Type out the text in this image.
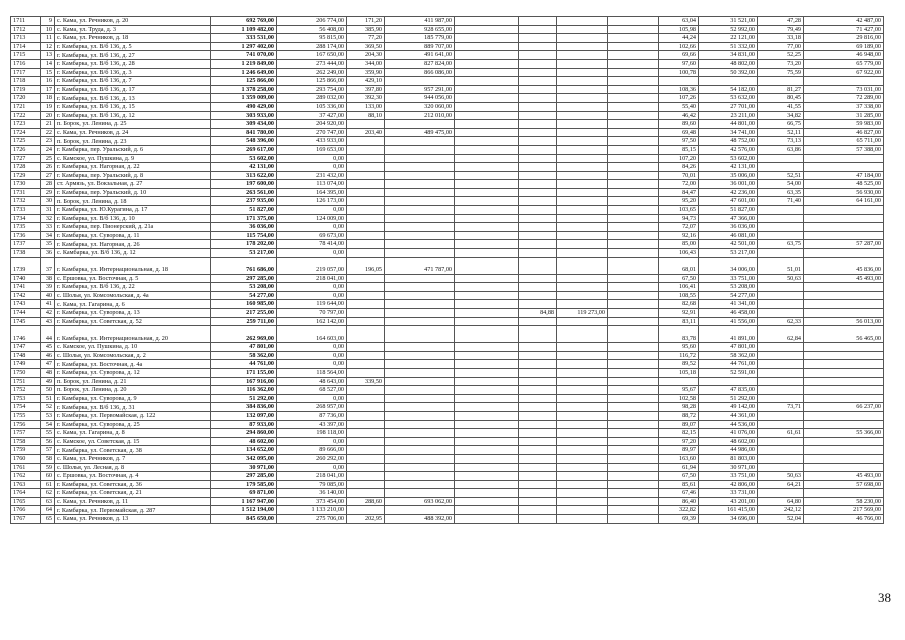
1711	9	с. Кама, ул. Речников, д. 20	692 769,00	206 774,00	171,20	411 987,00					63,04	31 521,00	47,28	42 487,00
1712	10	с. Кама, ул. Труда, д. 3	1 109 482,00	56 408,00	385,90	928 655,00					105,98	52 992,00	79,49	71 427,00
1713	11	с. Кама, ул. Речников, д. 18	333 531,00	95 815,00	77,20	185 779,00					44,24	22 121,00	33,18	29 816,00
1714	12	г. Камбарка, ул. В/б 136, д. 5	1 297 402,00	288 174,00	369,50	889 707,00					102,66	51 332,00	77,00	69 189,00
1715	13	г. Камбарка, ул. В/б 136, д. 27	741 070,00	167 650,00	204,30	491 641,00					69,66	34 831,00	52,25	46 948,00
1716	14	г. Камбарка, ул. В/б 136, д. 28	1 219 849,00	273 444,00	344,00	827 824,00					97,60	48 802,00	73,20	65 779,00
1717	15	г. Камбарка, ул. В/б 136, д. 3	1 246 649,00	262 249,00	359,90	866 086,00					100,78	50 392,00	75,59	67 922,00
1718	16	г. Камбарка, ул. В/б 136, д. 7	125 866,00	125 866,00	429,10									
1719	17	г. Камбарка, ул. В/б 136, д. 17	1 378 258,00	293 754,00	397,80	957 291,00					108,36	54 182,00	81,27	73 031,00
1720	18	г. Камбарка, ул. В/б 136, д. 13	1 359 009,00	289 032,00	392,30	944 056,00					107,26	53 632,00	80,45	72 289,00
1721	19	г. Камбарка, ул. В/б 136, д. 15	490 429,00	105 336,00	133,00	320 060,00					55,40	27 701,00	41,55	37 338,00
1722	20	г. Камбарка, ул. В/б 136, д. 12	303 933,00	37 427,00	88,10	212 010,00					46,42	23 211,00	34,82	31 285,00
1723	21	п. Борок, ул. Ленина, д. 25	309 434,00	204 920,00							89,60	44 801,00	66,75	59 983,00
1724	22	с. Кама, ул. Речников, д. 24	841 780,00	270 747,00	203,40	489 475,00					69,48	34 741,00	52,11	46 827,00
1725	23	п. Борок, ул. Ленина, д. 23	548 396,00	433 933,00							97,50	48 752,00	73,13	65 711,00
1726	24	г. Камбарка, пер. Уральский, д. 6	269 617,00	169 653,00							85,15	42 576,00	63,86	57 388,00
1727	25	с. Камское, ул. Пушкина, д. 9	53 602,00	0,00							107,20	53 602,00		
1728	26	г. Камбарка, ул. Нагорная, д. 22	42 131,00	0,00							84,26	42 131,00		
1729	27	г. Камбарка, пер. Уральский, д. 8	313 622,00	231 432,00							70,01	35 006,00	52,51	47 184,00
1730	28	ст. Армязь, ул. Вокзальная, д. 27	197 600,00	113 074,00							72,00	36 001,00	54,00	48 525,00
1731	29	г. Камбарка, пер. Уральский, д. 10	263 561,00	164 395,00							84,47	42 236,00	63,35	56 930,00
1732	30	п. Борок, ул. Ленина, д. 18	237 935,00	126 173,00							95,20	47 601,00	71,40	64 161,00
1733	31	г. Камбарка, ул. Ю.Курагина, д. 17	51 827,00	0,00							103,65	51 827,00		
1734	32	г. Камбарка, ул. В/б 136, д. 10	171 375,00	124 009,00							94,73	47 366,00		
1735	33	г. Камбарка, пер. Пионерский, д. 21а	36 036,00	0,00							72,07	36 036,00		
1736	34	г. Камбарка, ул. Суворова, д. 11	115 754,00	69 673,00							92,16	46 081,00		
1737	35	г. Камбарка, ул. Нагорная, д. 26	178 202,00	78 414,00							85,00	42 501,00	63,75	57 287,00
1738	36	с. Камбарка, ул. В/б 136, д. 12	53 217,00	0,00							106,43	53 217,00		
1739	37	г. Камбарка, ул. Интернациональная, д. 18	761 686,00	219 057,00	196,05	471 787,00					68,01	34 006,00	51,01	45 836,00
1740	38	с. Ершовка, ул. Восточная, д. 5	297 285,00	218 041,00							67,50	33 751,00	50,63	45 493,00
1741	39	г. Камбарка, ул. В/б 136, д. 22	53 208,00	0,00							106,41	53 208,00		
1742	40	с. Шолья, ул. Комсомольская, д. 4а	54 277,00	0,00							108,55	54 277,00		
1743	41	с. Кама, ул. Гагарина, д. 6	160 985,00	119 644,00							82,68	41 341,00		
1744	42	г. Камбарка, ул. Суворова, д. 13	217 255,00	70 797,00				84,88	119 273,00		92,91	46 458,00		
1745	43	г. Камбарка, ул. Советская, д. 52	259 711,00	162 142,00							83,11	41 556,00	62,33	56 013,00
1746	44	г. Камбарка, ул. Интернациональная, д. 20	262 969,00	164 603,00							83,78	41 891,00	62,84	56 465,00
1747	45	с. Камское, ул. Пушкина, д. 10	47 801,00	0,00							95,60	47 801,00		
1748	46	с. Шолья, ул. Комсомольская, д. 2	58 362,00	0,00							116,72	58 362,00		
1749	47	г. Камбарка, ул. Восточная, д. 4а	44 761,00	0,00							89,52	44 761,00		
1750	48	г. Камбарка, ул. Суворова, д. 12	171 155,00	118 564,00							105,18	52 591,00		
1751	49	п. Борок, ул. Ленина, д. 21	167 916,00	48 643,00	339,50									
1752	50	п. Борок, ул. Ленина, д. 20	116 362,00	68 527,00							95,67	47 835,00		
1753	51	г. Камбарка, ул. Суворова, д. 9	51 292,00	0,00							102,58	51 292,00		
1754	52	г. Камбарка, ул. В/б 136, д. 31	384 836,00	268 957,00							98,28	49 142,00	73,71	66 237,00
1755	53	г. Камбарка, ул. Первомайская, д. 122	132 097,00	87 736,00							88,72	44 361,00		
1756	54	г. Камбарка, ул. Суворова, д. 25	87 933,00	43 397,00							89,07	44 536,00		
1757	55	с. Кама, ул. Гагарина, д. 8	294 860,00	198 118,00							82,15	41 076,00	61,61	55 366,00
1758	56	с. Камское, ул. Советская, д. 15	48 602,00	0,00							97,20	48 602,00		
1759	57	г. Камбарка, ул. Советская, д. 38	134 652,00	89 666,00							89,97	44 986,00		
1760	58	с. Кама, ул. Речников, д. 7	342 095,00	260 292,00							163,60	81 803,00		
1761	59	с. Шолья, ул. Лесная, д. 8	30 971,00	0,00							61,94	30 971,00		
1762	60	с. Ершовка, ул. Восточная, д. 4	297 285,00	218 041,00							67,50	33 751,00	50,63	45 493,00
1763	61	г. Камбарка, ул. Советская, д. 36	179 585,00	79 085,00							85,61	42 806,00	64,21	57 698,00
1764	62	г. Камбарка, ул. Советская, д. 21	69 871,00	36 140,00							67,46	33 731,00		
1765	63	с. Кама, ул. Речников, д. 11	1 167 947,00	373 454,00	288,60	693 062,00					86,40	43 201,00	64,80	58 230,00
1766	64	г. Камбарка, ул. Первомайская, д. 287	1 512 194,00	1 133 210,00							322,82	161 415,00	242,12	217 569,00
1767	65	с. Кама, ул. Речников, д. 13	845 650,00	275 706,00	202,95	488 392,00					69,39	34 696,00	52,04	46 766,00
38
